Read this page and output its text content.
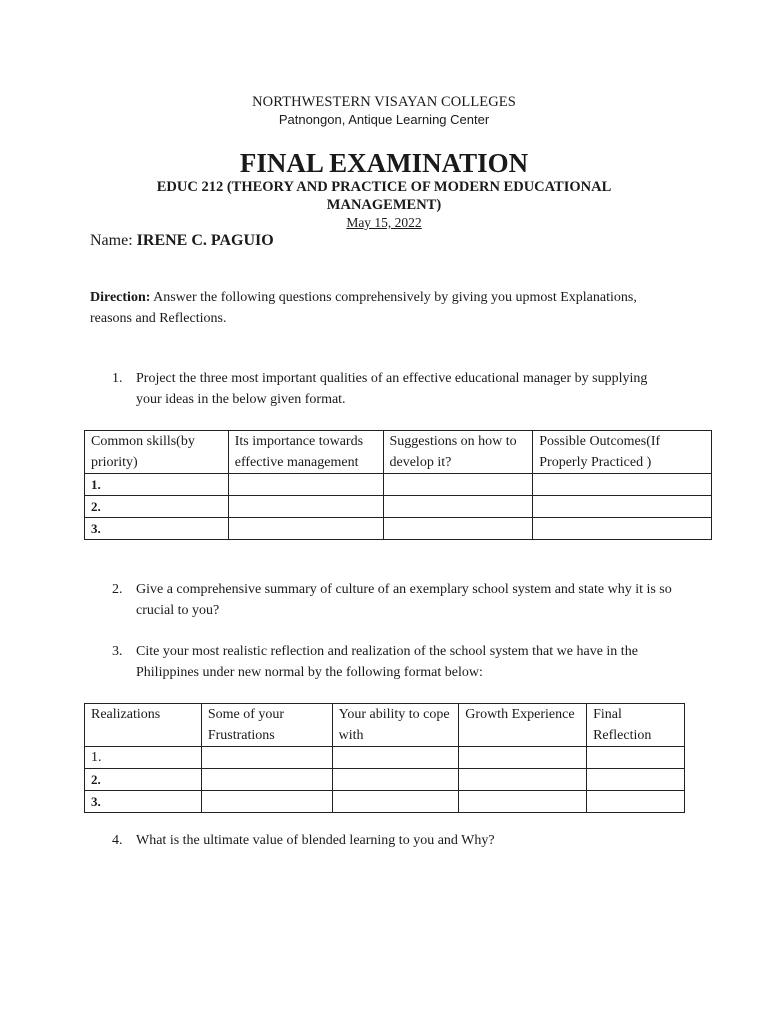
NORTHWESTERN VISAYAN COLLEGES
Patnongon, Antique Learning Center
FINAL EXAMINATION
EDUC 212 (THEORY AND PRACTICE OF MODERN EDUCATIONAL MANAGEMENT)
May 15, 2022
Name: IRENE C. PAGUIO
Direction: Answer the following questions comprehensively by giving you upmost Explanations, reasons and Reflections.
1. Project the three most important qualities of an effective educational manager by supplying your ideas in the below given format.
Common skills(by priority)	Its importance towards effective management	Suggestions on how to develop it?	Possible Outcomes(If Properly Practiced )
1.			
2.			
3.			
2. Give a comprehensive summary of culture of an exemplary school system and state why it is so crucial to you?
3. Cite your most realistic reflection and realization of the school system that we have in the Philippines under new normal by the following format below:
Realizations	Some of your Frustrations	Your ability to cope with	Growth Experience	Final Reflection
1.				
2.				
3.				
4. What is the ultimate value of blended learning to you and Why?
